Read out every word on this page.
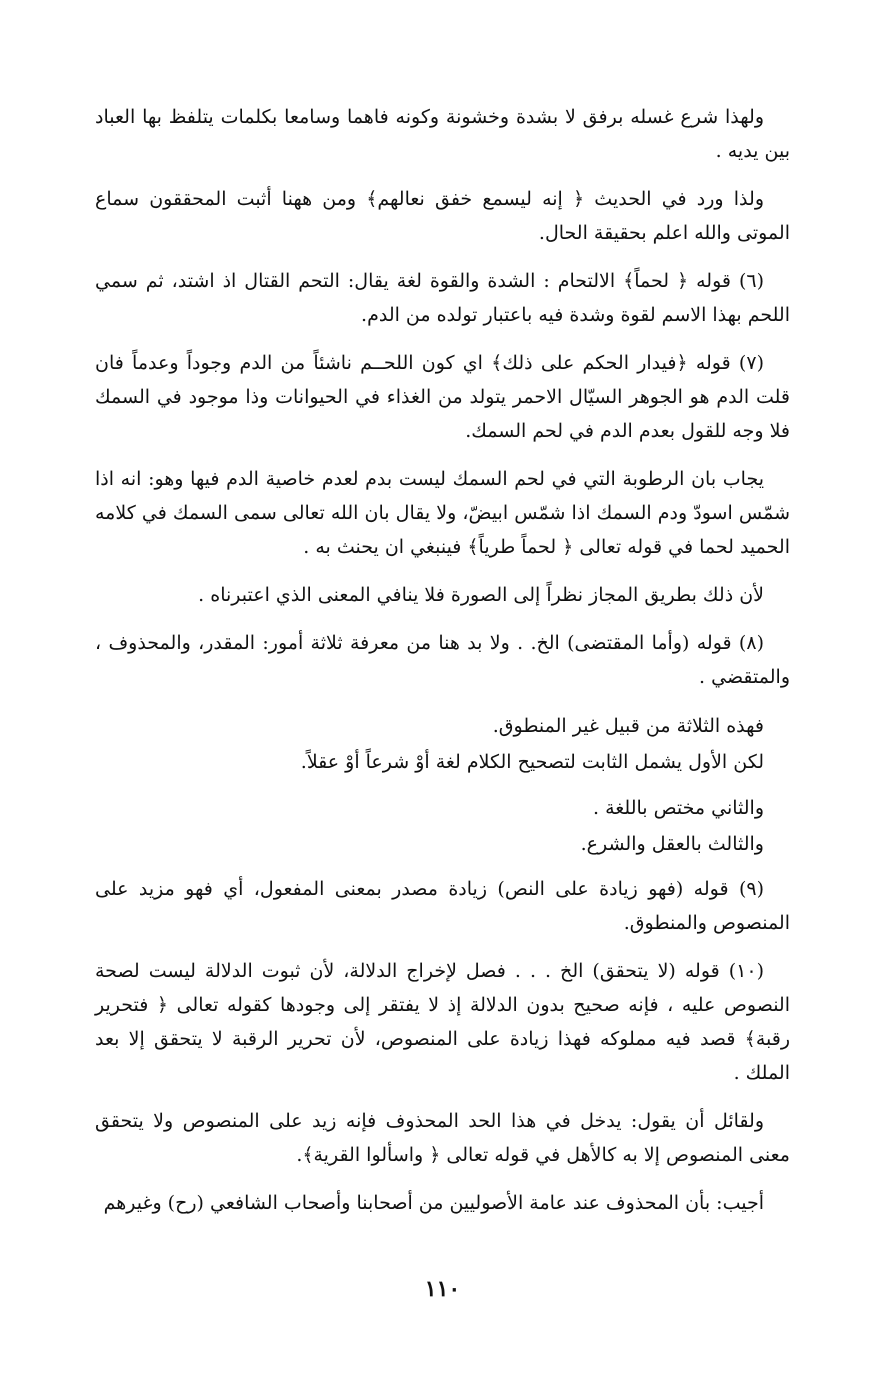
ولهذا شرع غسله برفق لا بشدة وخشونة وكونه فاهما وسامعا بكلمات يتلفظ بها العباد بين يديه .

ولذا ورد في الحديث ﴿ إنه ليسمع خفق نعالهم﴾ ومن ههنا أثبت المحققون سماع الموتى والله اعلم بحقيقة الحال.

(٦) قوله ﴿ لحماً﴾ الالتحام : الشدة والقوة لغة يقال: التحم القتال اذ اشتد، ثم سمي اللحم بهذا الاسم لقوة وشدة فيه باعتبار تولده من الدم.

(٧) قوله ﴿فيدار الحكم على ذلك﴾ اي كون اللحــم ناشئاً من الدم وجوداً وعدماً فان قلت الدم هو الجوهر السيّال الاحمر يتولد من الغذاء في الحيوانات وذا موجود في السمك فلا وجه للقول بعدم الدم في لحم السمك.

يجاب بان الرطوبة التي في لحم السمك ليست بدم لعدم خاصية الدم فيها وهو: انه اذا شمّس اسودّ ودم السمك اذا شمّس ابيضّ، ولا يقال بان الله تعالى سمى السمك في كلامه الحميد لحما في قوله تعالى ﴿ لحماً طرياً﴾ فينبغي ان يحنث به .

لأن ذلك بطريق المجاز نظراً إلى الصورة فلا ينافي المعنى الذي اعتبرناه .

(٨) قوله (وأما المقتضى) الخ. . ولا بد هنا من معرفة ثلاثة أمور: المقدر، والمحذوف ، والمتقضي .

فهذه الثلاثة من قبيل غير المنطوق.
لكن الأول يشمل الثابت لتصحيح الكلام لغة أوْ شرعاً أوْ عقلاً.
والثاني مختص باللغة .
والثالث بالعقل والشرع.

(٩) قوله (فهو زيادة على النص) زيادة مصدر بمعنى المفعول، أي فهو مزيد على المنصوص والمنطوق.

(١٠) قوله (لا يتحقق) الخ . . . فصل لإخراج الدلالة، لأن ثبوت الدلالة ليست لصحة النصوص عليه ، فإنه صحيح بدون الدلالة إذ لا يفتقر إلى وجودها كقوله تعالى ﴿ فتحرير رقبة﴾ قصد فيه مملوكه فهذا زيادة على المنصوص، لأن تحرير الرقبة لا يتحقق إلا بعد الملك .

ولقائل أن يقول: يدخل في هذا الحد المحذوف فإنه زيد على المنصوص ولا يتحقق معنى المنصوص إلا به كالأهل في قوله تعالى ﴿ واسألوا القرية﴾.

أجيب: بأن المحذوف عند عامة الأصوليين من أصحابنا وأصحاب الشافعي (رح) وغيرهم

١١٠
